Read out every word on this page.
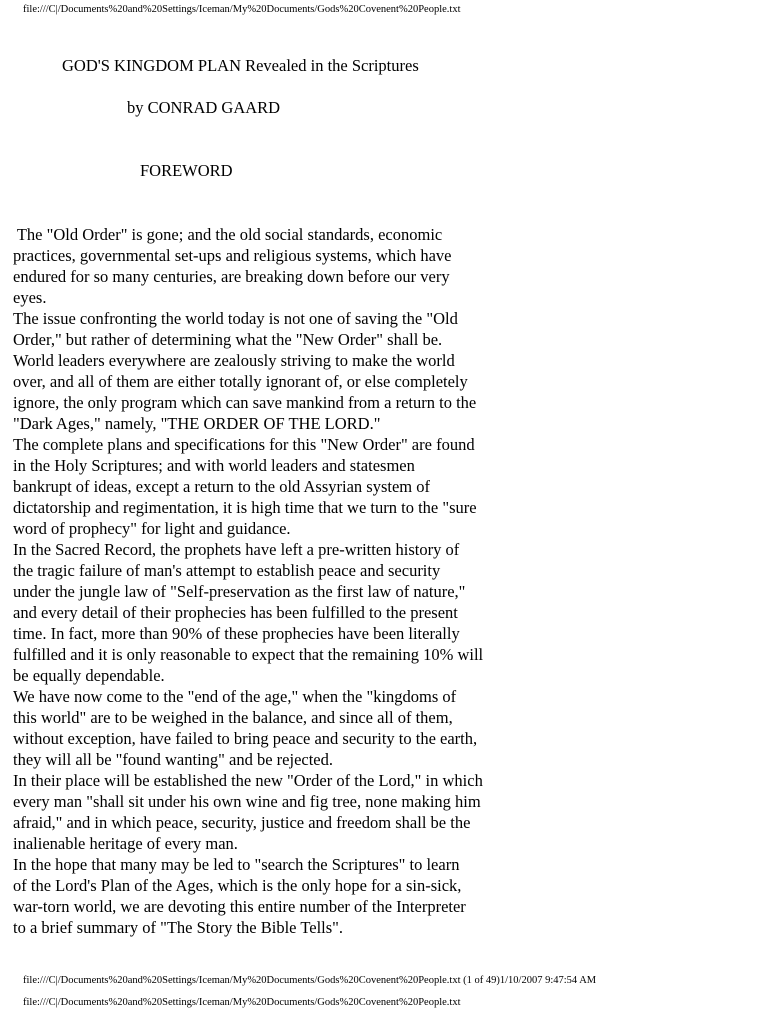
file:///C|/Documents%20and%20Settings/Iceman/My%20Documents/Gods%20Covenent%20People.txt
GOD'S KINGDOM PLAN Revealed in the Scriptures
by CONRAD GAARD
FOREWORD
The "Old Order" is gone; and the old social standards, economic
practices, governmental set-ups and religious systems, which have
endured for so many centuries, are breaking down before our very
eyes.
The issue confronting the world today is not one of saving the "Old
Order," but rather of determining what the "New Order" shall be.
World leaders everywhere are zealously striving to make the world
over, and all of them are either totally ignorant of, or else completely
ignore, the only program which can save mankind from a return to the
"Dark Ages," namely, "THE ORDER OF THE LORD."
The complete plans and specifications for this "New Order" are found
in the Holy Scriptures; and with world leaders and statesmen
bankrupt of ideas, except a return to the old Assyrian system of
dictatorship and regimentation, it is high time that we turn to the "sure
word of prophecy" for light and guidance.
In the Sacred Record, the prophets have left a pre-written history of
the tragic failure of man's attempt to establish peace and security
under the jungle law of "Self-preservation as the first law of nature,"
and every detail of their prophecies has been fulfilled to the present
time. In fact, more than 90% of these prophecies have been literally
fulfilled and it is only reasonable to expect that the remaining 10% will
be equally dependable.
We have now come to the "end of the age," when the "kingdoms of
this world" are to be weighed in the balance, and since all of them,
without exception, have failed to bring peace and security to the earth,
they will all be "found wanting" and be rejected.
In their place will be established the new "Order of the Lord," in which
every man "shall sit under his own wine and fig tree, none making him
afraid," and in which peace, security, justice and freedom shall be the
inalienable heritage of every man.
In the hope that many may be led to "search the Scriptures" to learn
of the Lord's Plan of the Ages, which is the only hope for a sin-sick,
war-torn world, we are devoting this entire number of the Interpreter
to a brief summary of "The Story the Bible Tells".
file:///C|/Documents%20and%20Settings/Iceman/My%20Documents/Gods%20Covenent%20People.txt (1 of 49)1/10/2007 9:47:54 AM
file:///C|/Documents%20and%20Settings/Iceman/My%20Documents/Gods%20Covenent%20People.txt
